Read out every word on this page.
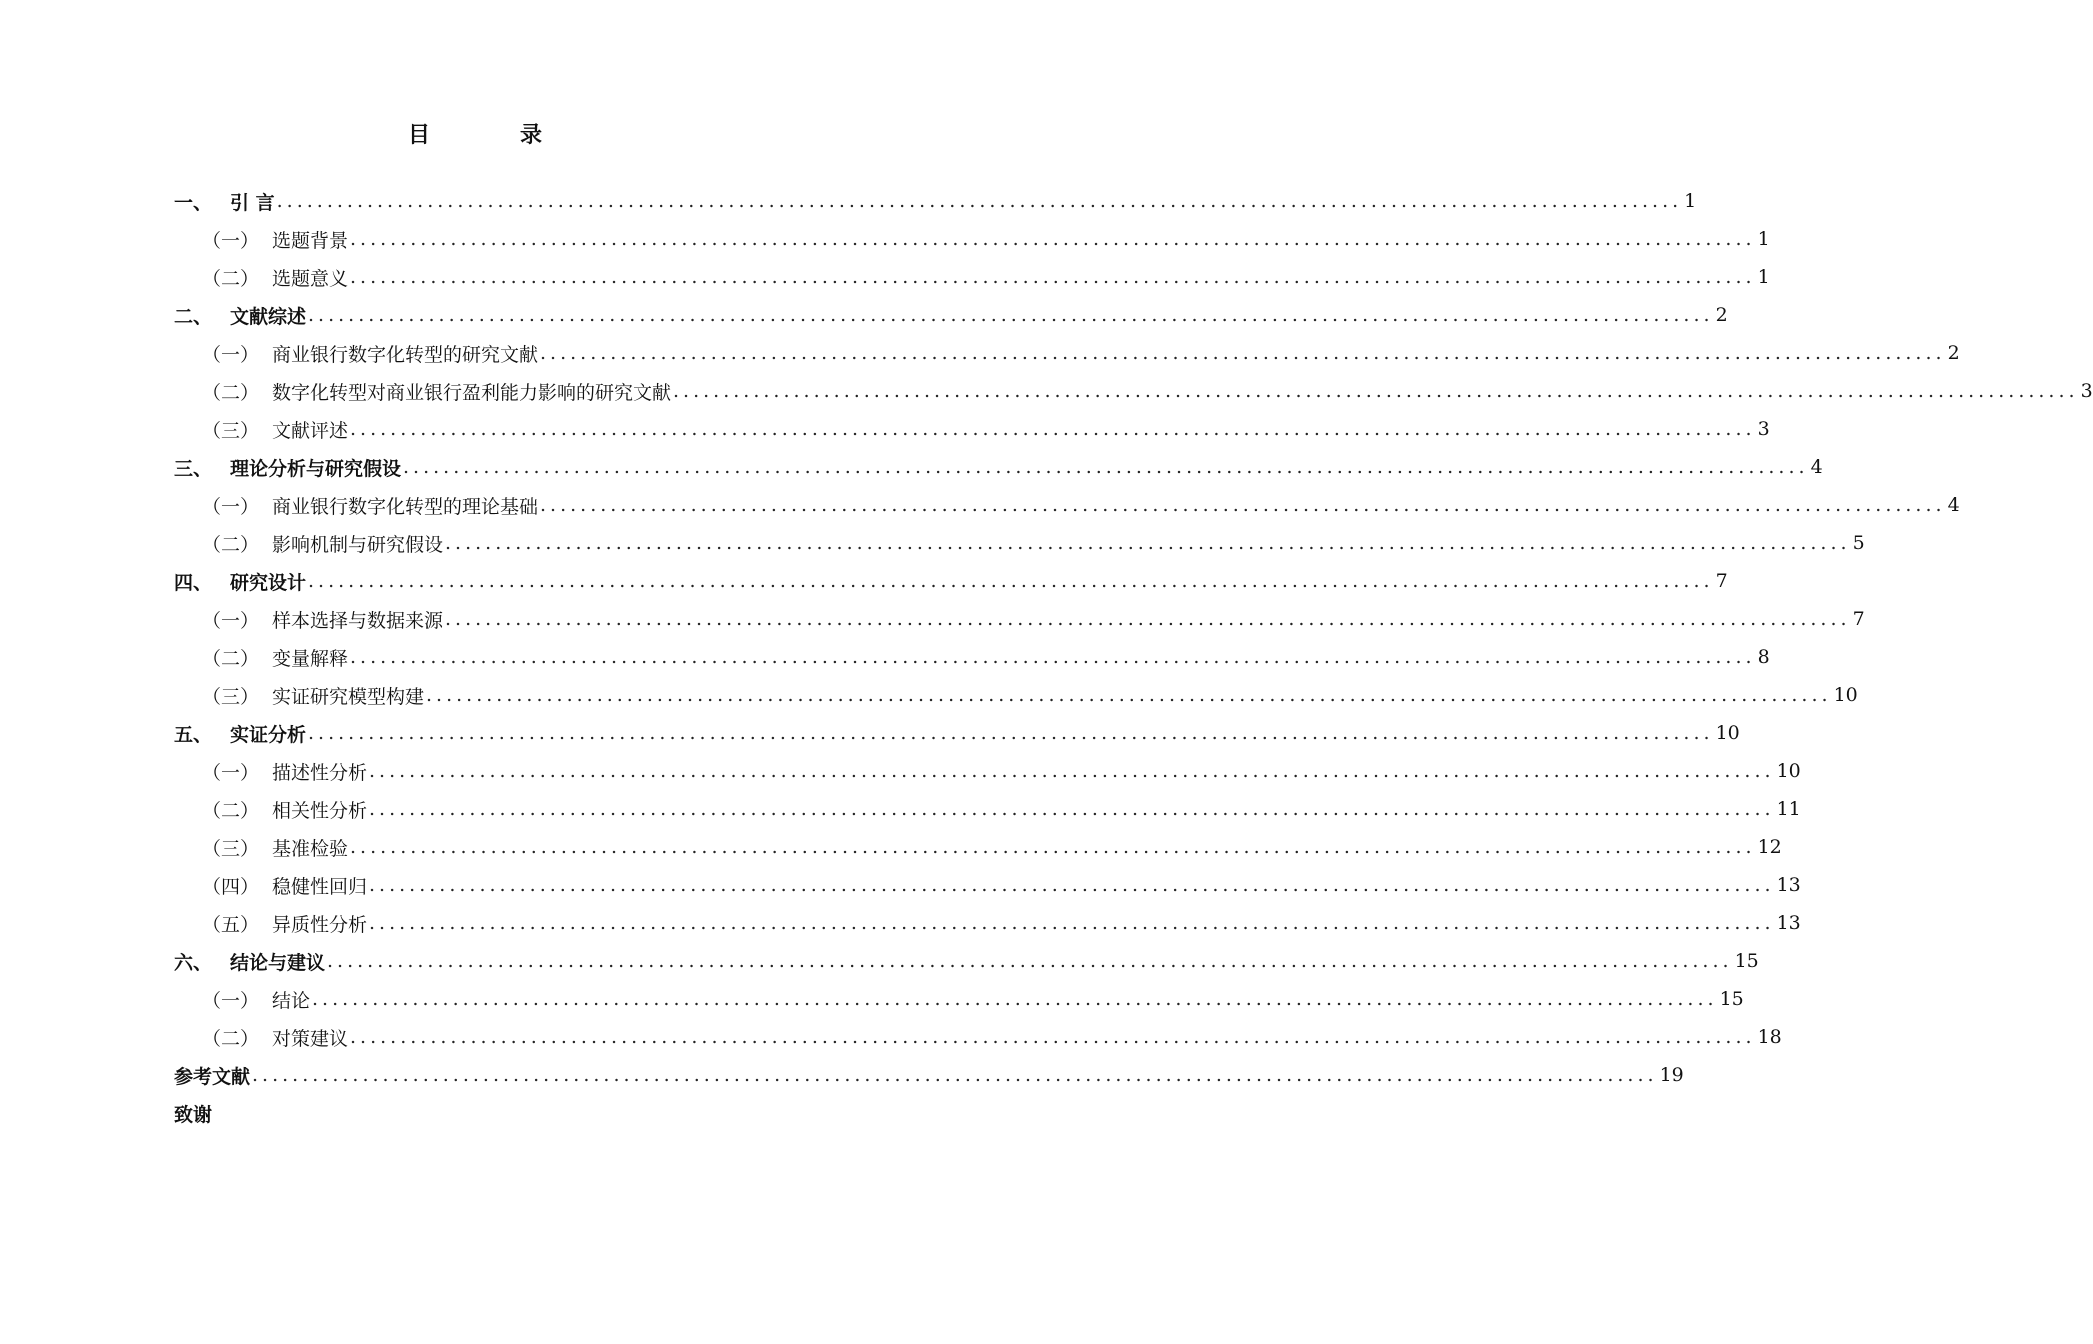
目	录
一、 引 言 ............................................................................................................................................ 1
（一） 选题背景 ............................................................................................................................................ 1
（二） 选题意义 ............................................................................................................................................ 1
二、 文献综述 ............................................................................................................................................ 2
（一） 商业银行数字化转型的研究文献 ............................................................................................................................................ 2
（二） 数字化转型对商业银行盈利能力影响的研究文献 ............................................................................................................................................ 3
（三） 文献评述 ............................................................................................................................................ 3
三、 理论分析与研究假设 ............................................................................................................................................ 4
（一） 商业银行数字化转型的理论基础 ............................................................................................................................................ 4
（二） 影响机制与研究假设 ............................................................................................................................................ 5
四、 研究设计 ............................................................................................................................................ 7
（一） 样本选择与数据来源 ............................................................................................................................................ 7
（二） 变量解释 ............................................................................................................................................ 8
（三） 实证研究模型构建 ............................................................................................................................................ 10
五、 实证分析 ............................................................................................................................................ 10
（一） 描述性分析 ............................................................................................................................................ 10
（二） 相关性分析 ............................................................................................................................................ 11
（三） 基准检验 ............................................................................................................................................ 12
（四） 稳健性回归 ............................................................................................................................................ 13
（五） 异质性分析 ............................................................................................................................................ 13
六、 结论与建议 ............................................................................................................................................ 15
（一） 结论 ............................................................................................................................................ 15
（二） 对策建议 ............................................................................................................................................ 18
参考文献 ............................................................................................................................................ 19
致谢
